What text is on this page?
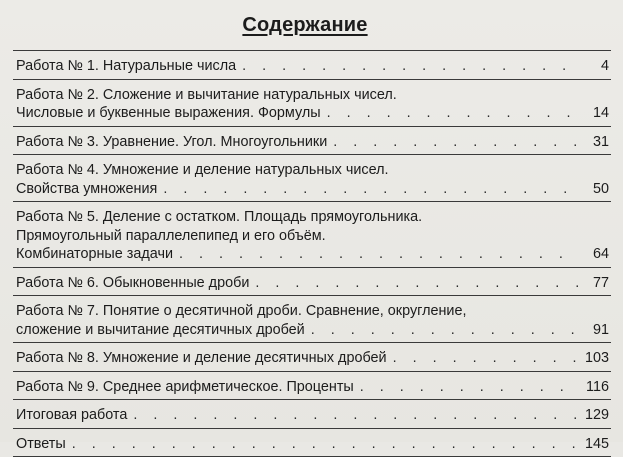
Содержание
Работа № 1. Натуральные числа . . .	4
Работа № 2. Сложение и вычитание натуральных чисел.
Числовые и буквенные выражения. Формулы . . .	14
Работа № 3. Уравнение. Угол. Многоугольники . . .	31
Работа № 4. Умножение и деление натуральных чисел.
Свойства умножения . . .	50
Работа № 5. Деление с остатком. Площадь прямоугольника.
Прямоугольный параллелепипед и его объём.
Комбинаторные задачи . . .	64
Работа № 6. Обыкновенные дроби . . .	77
Работа № 7. Понятие о десятичной дроби. Сравнение, округление,
сложение и вычитание десятичных дробей . . .	91
Работа № 8. Умножение и деление десятичных дробей . . .	103
Работа № 9. Среднее арифметическое. Проценты . . .	116
Итоговая работа . . .	129
Ответы . . .	145
